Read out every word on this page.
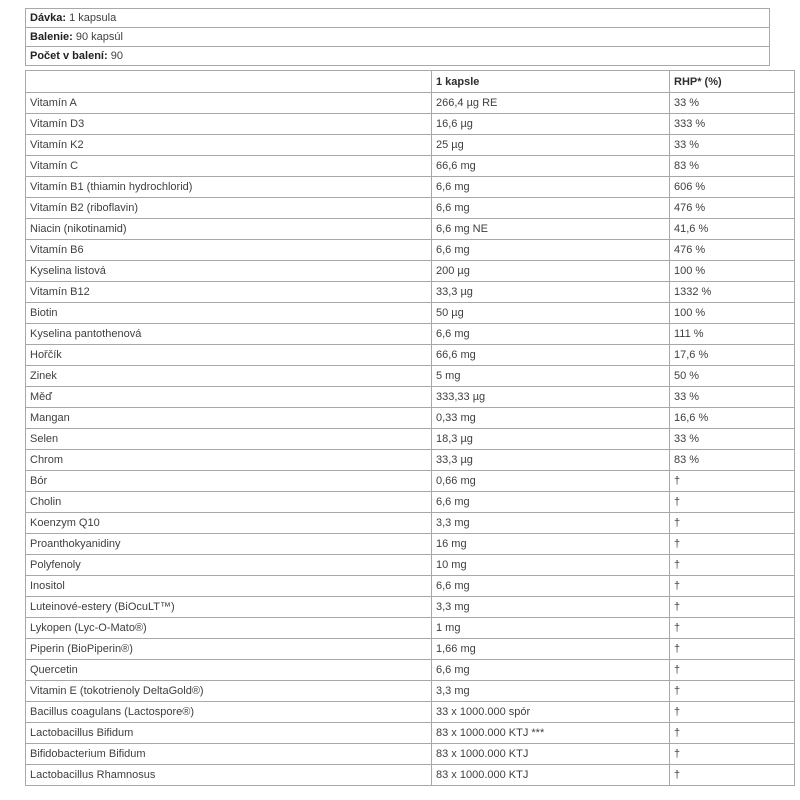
Dávka: 1 kapsula
Balenie: 90 kapsúl
Počet v balení: 90
	1 kapsle	RHP* (%)
Vitamín A	266,4 µg RE	33 %
Vitamín D3	16,6 µg	333 %
Vitamín K2	25 µg	33 %
Vitamín C	66,6 mg	83 %
Vitamín B1 (thiamin hydrochlorid)	6,6 mg	606 %
Vitamín B2 (riboflavin)	6,6 mg	476 %
Niacin (nikotinamid)	6,6 mg NE	41,6 %
Vitamín B6	6,6 mg	476 %
Kyselina listová	200 µg	100 %
Vitamín B12	33,3 µg	1332 %
Biotin	50 µg	100 %
Kyselina pantothenová	6,6 mg	111 %
Hořčík	66,6 mg	17,6 %
Zinek	5 mg	50 %
Měď	333,33 µg	33 %
Mangan	0,33 mg	16,6 %
Selen	18,3 µg	33 %
Chrom	33,3 µg	83 %
Bór	0,66 mg	†
Cholin	6,6 mg	†
Koenzym Q10	3,3 mg	†
Proanthokyanidiny	16 mg	†
Polyfenoly	10 mg	†
Inositol	6,6 mg	†
Luteinové-estery (BiOcuLT™)	3,3 mg	†
Lykopen (Lyc-O-Mato®)	1 mg	†
Piperin (BioPiperin®)	1,66 mg	†
Quercetin	6,6 mg	†
Vitamin E (tokotrienoly DeltaGold®)	3,3 mg	†
Bacillus coagulans (Lactospore®)	33 x 1000.000 spór	†
Lactobacillus Bifidum	83 x 1000.000 KTJ ***	†
Bifidobacterium Bifidum	83 x 1000.000 KTJ	†
Lactobacillus Rhamnosus	83 x 1000.000 KTJ	†
